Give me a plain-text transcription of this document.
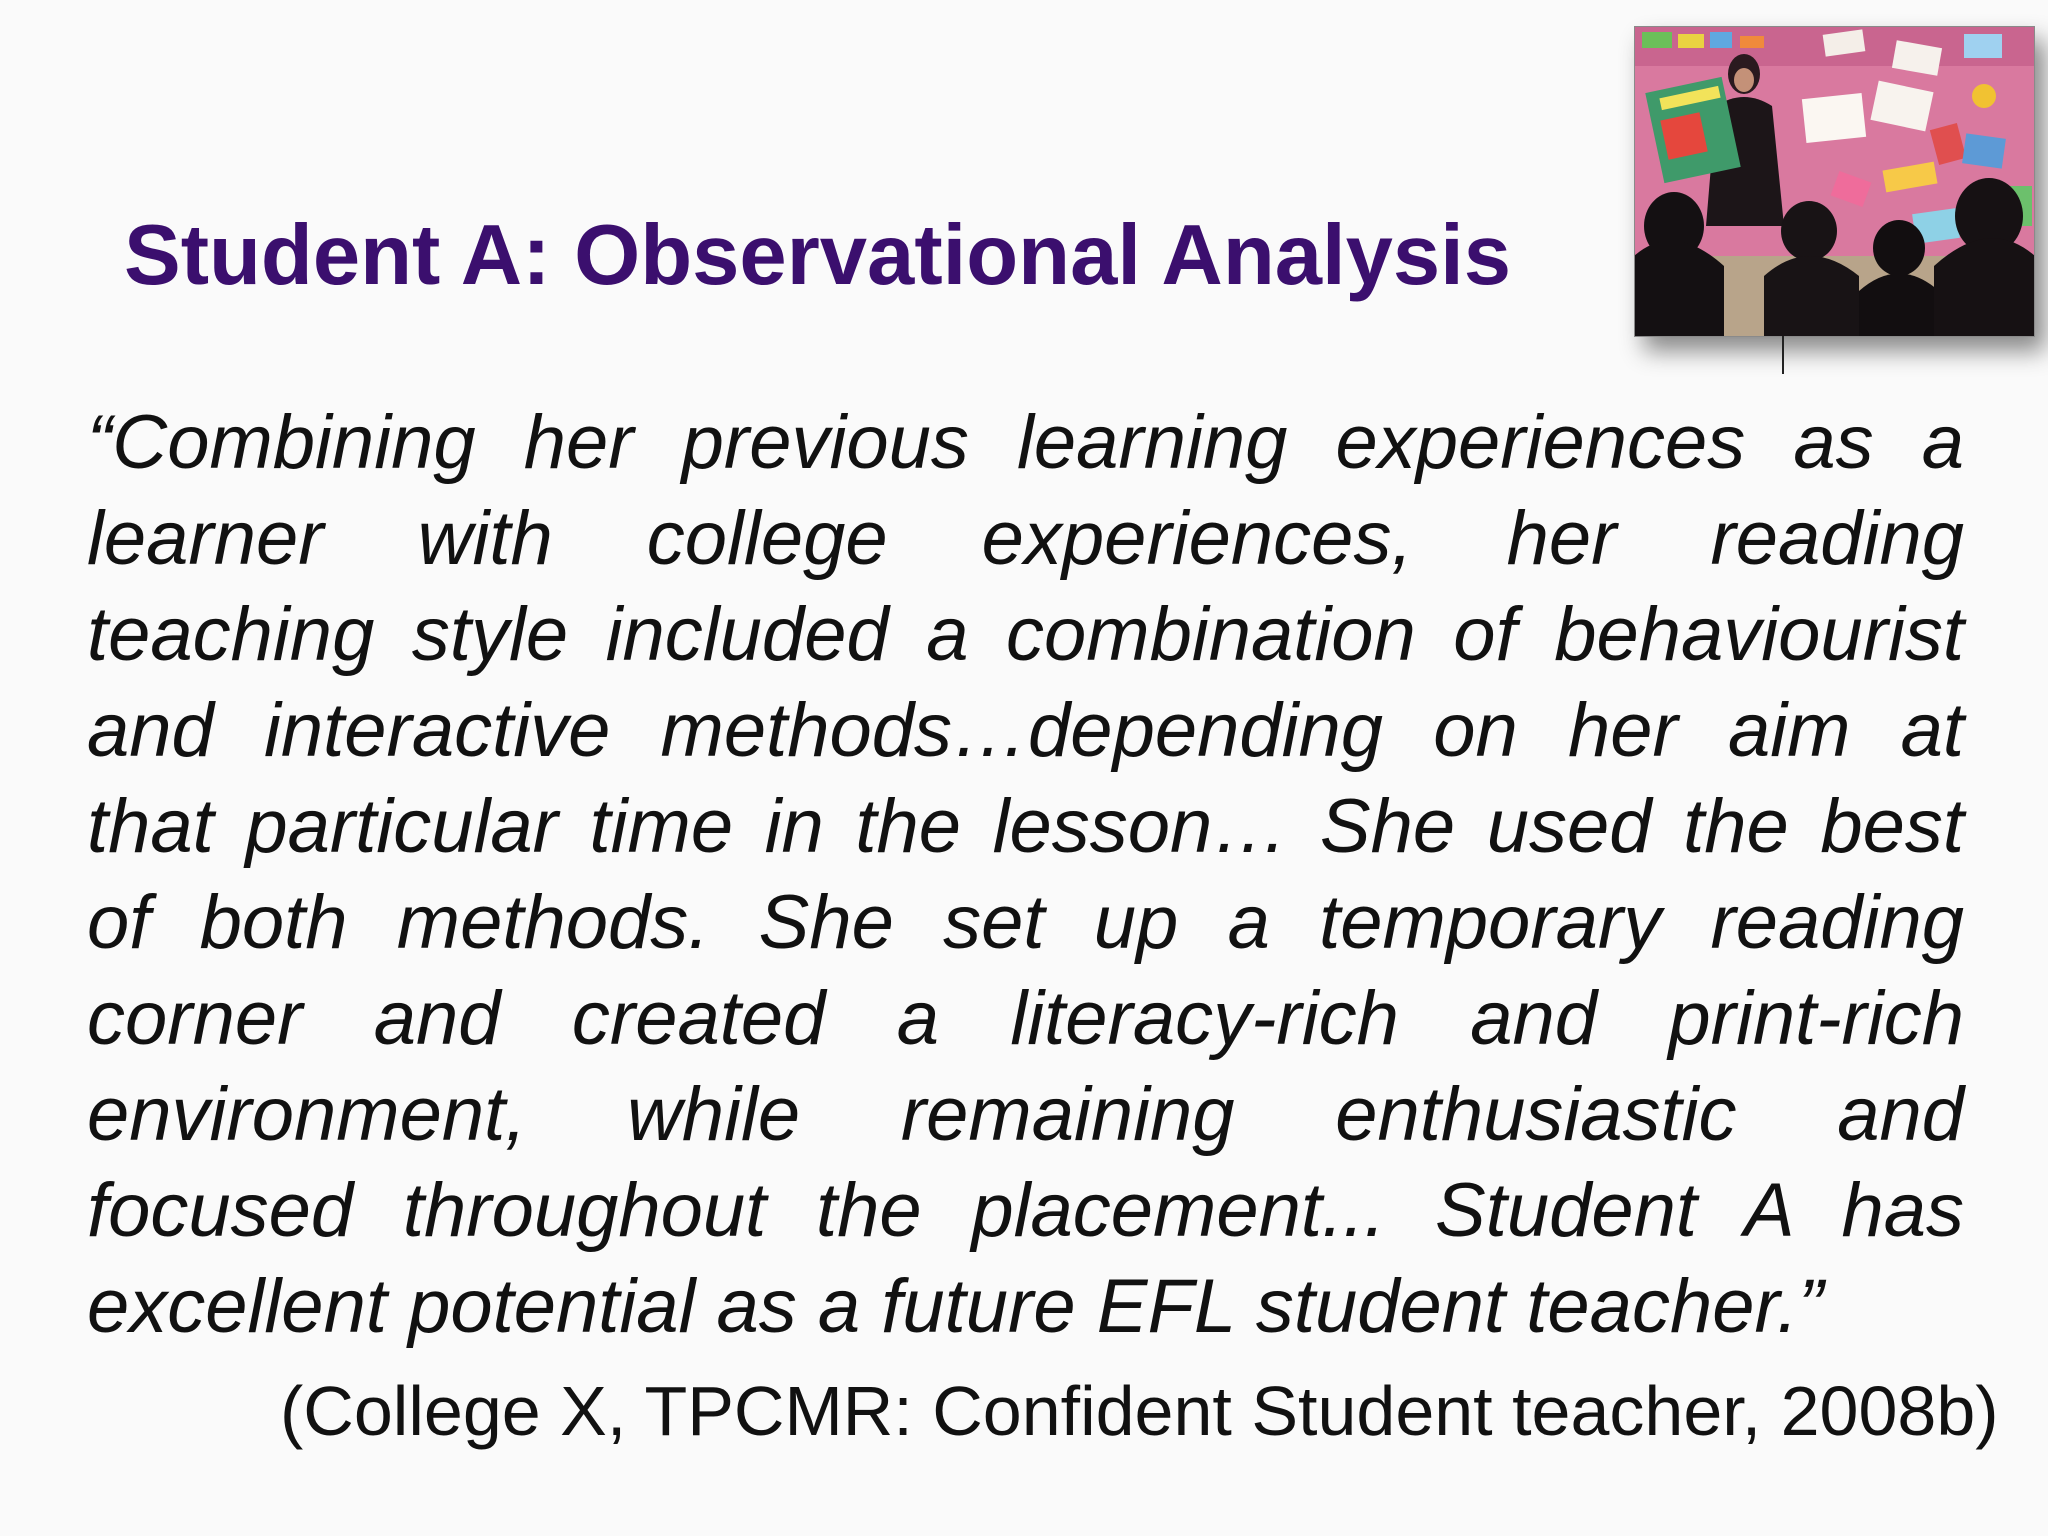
Student A: Observational Analysis

“Combining her previous learning experiences as a
learner with college experiences, her reading
teaching style included a combination of behaviourist
and interactive methods…depending on her aim at
that particular time in the lesson… She used the best
of both methods. She set up a temporary reading
corner and created a literacy-rich and print-rich
environment, while remaining enthusiastic and
focused throughout the placement... Student A has
excellent potential as a future EFL student teacher.”

(College X, TPCMR: Confident Student teacher, 2008b)
